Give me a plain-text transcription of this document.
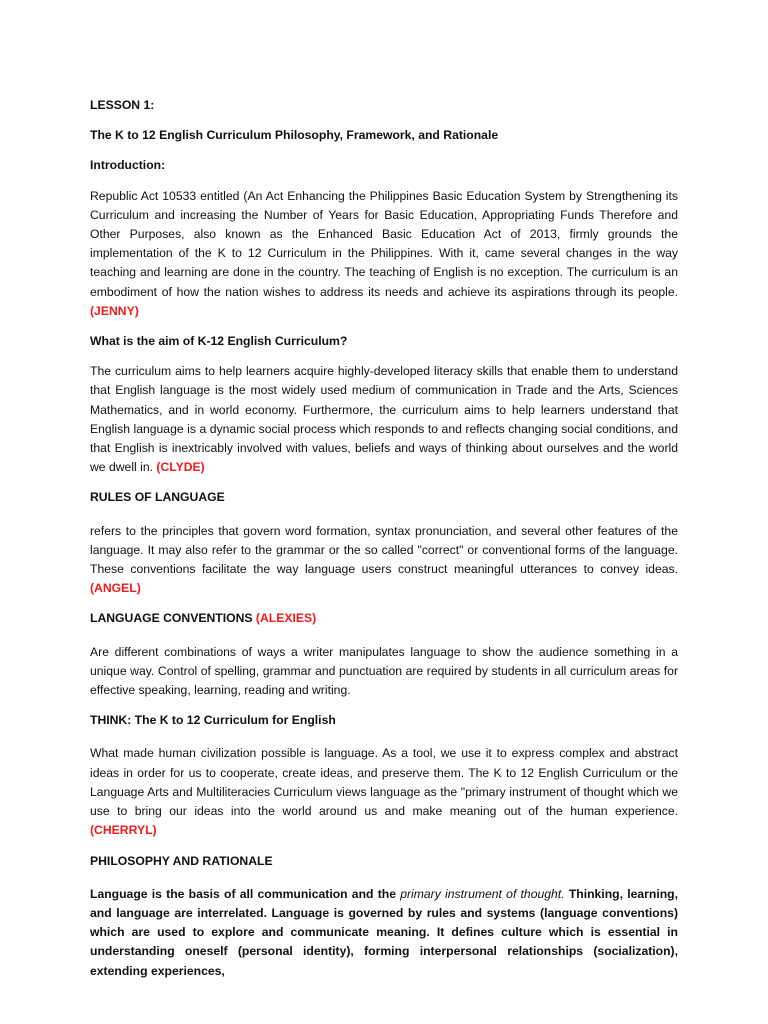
LESSON 1:

The K to 12 English Curriculum Philosophy, Framework, and Rationale

Introduction:

Republic Act 10533 entitled (An Act Enhancing the Philippines Basic Education System by Strengthening its Curriculum and increasing the Number of Years for Basic Education, Appropriating Funds Therefore and Other Purposes, also known as the Enhanced Basic Education Act of 2013, firmly grounds the implementation of the K to 12 Curriculum in the Philippines. With it, came several changes in the way teaching and learning are done in the country. The teaching of English is no exception. The curriculum is an embodiment of how the nation wishes to address its needs and achieve its aspirations through its people. (JENNY)

What is the aim of K-12 English Curriculum?

The curriculum aims to help learners acquire highly-developed literacy skills that enable them to understand that English language is the most widely used medium of communication in Trade and the Arts, Sciences Mathematics, and in world economy. Furthermore, the curriculum aims to help learners understand that English language is a dynamic social process which responds to and reflects changing social conditions, and that English is inextricably involved with values, beliefs and ways of thinking about ourselves and the world we dwell in. (CLYDE)

RULES OF LANGUAGE

refers to the principles that govern word formation, syntax pronunciation, and several other features of the language. It may also refer to the grammar or the so called "correct" or conventional forms of the language. These conventions facilitate the way language users construct meaningful utterances to convey ideas. (ANGEL)

LANGUAGE CONVENTIONS (ALEXIES)

Are different combinations of ways a writer manipulates language to show the audience something in a unique way. Control of spelling, grammar and punctuation are required by students in all curriculum areas for effective speaking, learning, reading and writing.

THINK: The K to 12 Curriculum for English

What made human civilization possible is language. As a tool, we use it to express complex and abstract ideas in order for us to cooperate, create ideas, and preserve them. The K to 12 English Curriculum or the Language Arts and Multiliteracies Curriculum views language as the "primary instrument of thought which we use to bring our ideas into the world around us and make meaning out of the human experience. (CHERRYL)

PHILOSOPHY AND RATIONALE

Language is the basis of all communication and the primary instrument of thought. Thinking, learning, and language are interrelated. Language is governed by rules and systems (language conventions) which are used to explore and communicate meaning. It defines culture which is essential in understanding oneself (personal identity), forming interpersonal relationships (socialization), extending experiences,
